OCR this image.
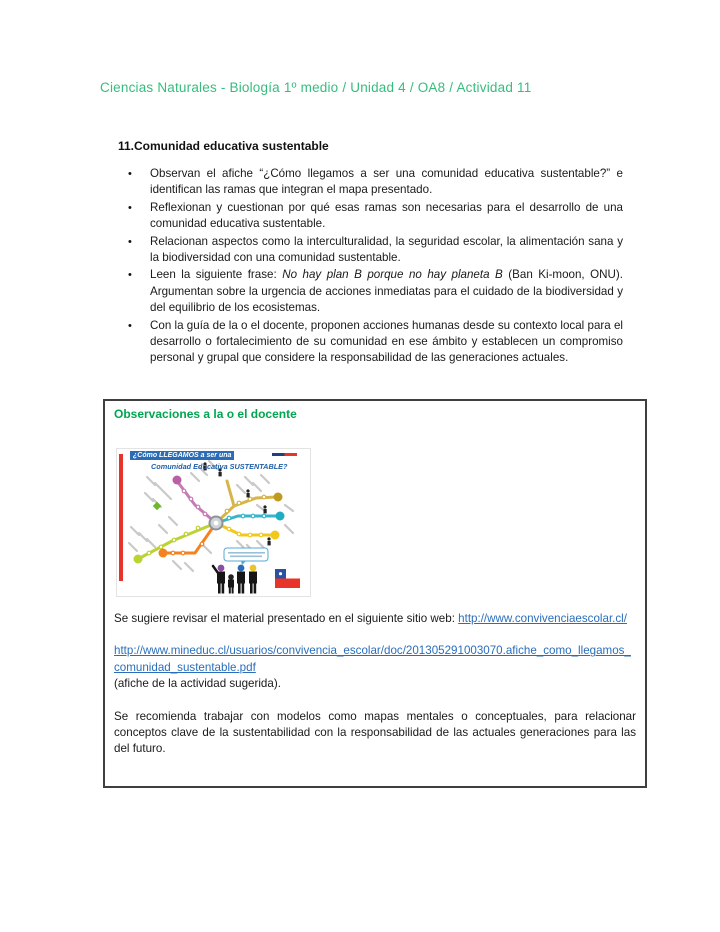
Ciencias Naturales - Biología 1º medio / Unidad 4 / OA8 / Actividad 11
11.Comunidad educativa sustentable
• Observan el afiche “¿Cómo llegamos a ser una comunidad educativa sustentable?” e identifican las ramas que integran el mapa presentado.
• Reflexionan y cuestionan por qué esas ramas son necesarias para el desarrollo de una comunidad educativa sustentable.
• Relacionan aspectos como la interculturalidad, la seguridad escolar, la alimentación sana y la biodiversidad con una comunidad sustentable.
• Leen la siguiente frase: No hay plan B porque no hay planeta B (Ban Ki-moon, ONU). Argumentan sobre la urgencia de acciones inmediatas para el cuidado de la biodiversidad y del equilibrio de los ecosistemas.
• Con la guía de la o el docente, proponen acciones humanas desde su contexto local para el desarrollo o fortalecimiento de su comunidad en ese ámbito y establecen un compromiso personal y grupal que considere la responsabilidad de las generaciones actuales.
Observaciones a la o el docente
¿Cómo LLEGAMOS a ser una
Comunidad Educativa SUSTENTABLE?

Se sugiere revisar el material presentado en el siguiente sitio web: http://www.convivenciaescolar.cl/

http://www.mineduc.cl/usuarios/convivencia_escolar/doc/201305291003070.afiche_como_llegamos_comunidad_sustentable.pdf

(afiche de la actividad sugerida).

Se recomienda trabajar con modelos como mapas mentales o conceptuales, para relacionar conceptos clave de la sustentabilidad con la responsabilidad de las actuales generaciones para las del futuro.
